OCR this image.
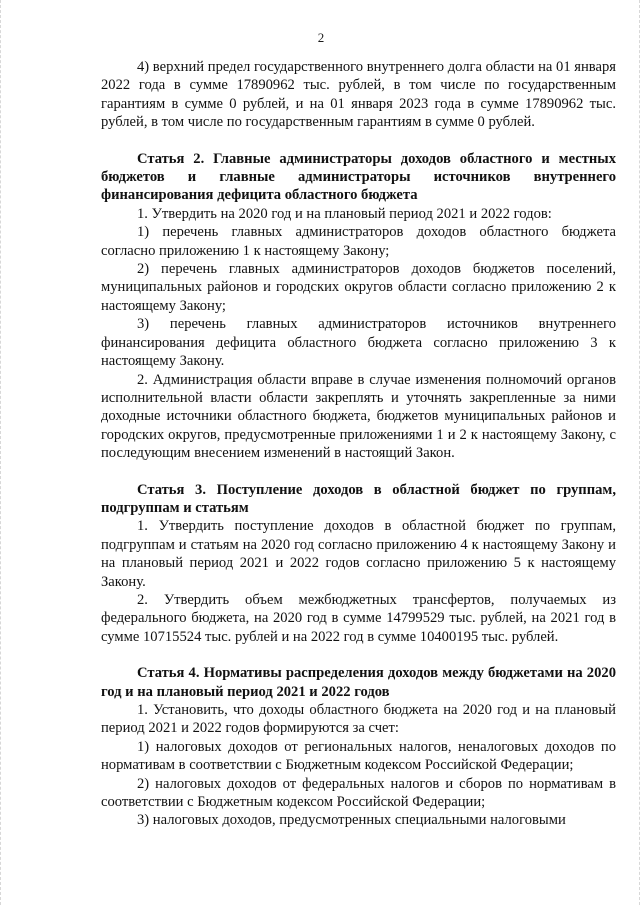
2

4) верхний предел государственного внутреннего долга области на 01 января 2022 года в сумме 17890962 тыс. рублей, в том числе по государственным гарантиям в сумме 0 рублей, и на 01 января 2023 года в сумме 17890962 тыс. рублей, в том числе по государственным гарантиям в сумме 0 рублей.

Статья 2. Главные администраторы доходов областного и местных бюджетов и главные администраторы источников внутреннего финансирования дефицита областного бюджета

1. Утвердить на 2020 год и на плановый период 2021 и 2022 годов:

1) перечень главных администраторов доходов областного бюджета согласно приложению 1 к настоящему Закону;

2) перечень главных администраторов доходов бюджетов поселений, муниципальных районов и городских округов области согласно приложению 2 к настоящему Закону;

3) перечень главных администраторов источников внутреннего финансирования дефицита областного бюджета согласно приложению 3 к настоящему Закону.

2. Администрация области вправе в случае изменения полномочий органов исполнительной власти области закреплять и уточнять закрепленные за ними доходные источники областного бюджета, бюджетов муниципальных районов и городских округов, предусмотренные приложениями 1 и 2 к настоящему Закону, с последующим внесением изменений в настоящий Закон.

Статья 3. Поступление доходов в областной бюджет по группам, подгруппам и статьям

1. Утвердить поступление доходов в областной бюджет по группам, подгруппам и статьям на 2020 год согласно приложению 4 к настоящему Закону и на плановый период 2021 и 2022 годов согласно приложению 5 к настоящему Закону.

2. Утвердить объем межбюджетных трансфертов, получаемых из федерального бюджета, на 2020 год в сумме 14799529 тыс. рублей, на 2021 год в сумме 10715524 тыс. рублей и на 2022 год в сумме 10400195 тыс. рублей.

Статья 4. Нормативы распределения доходов между бюджетами на 2020 год и на плановый период 2021 и 2022 годов

1. Установить, что доходы областного бюджета на 2020 год и на плановый период 2021 и 2022 годов формируются за счет:

1) налоговых доходов от региональных налогов, неналоговых доходов по нормативам в соответствии с Бюджетным кодексом Российской Федерации;

2) налоговых доходов от федеральных налогов и сборов по нормативам в соответствии с Бюджетным кодексом Российской Федерации;

3) налоговых доходов, предусмотренных специальными налоговыми
